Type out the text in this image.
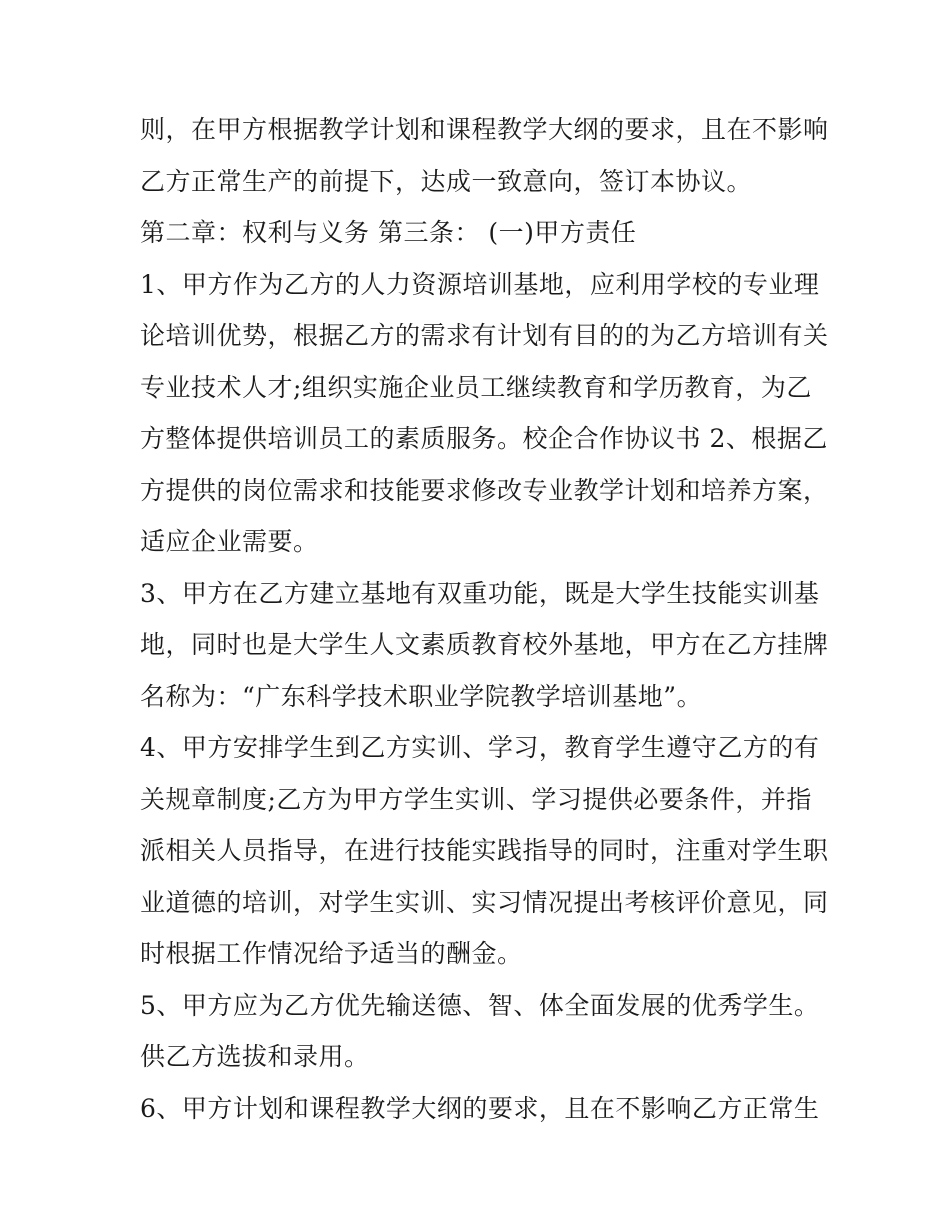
则，在甲方根据教学计划和课程教学大纲的要求，且在不影响
乙方正常生产的前提下，达成一致意向，签订本协议。
第二章：权利与义务 第三条： (一)甲方责任
1、甲方作为乙方的人力资源培训基地，应利用学校的专业理
论培训优势，根据乙方的需求有计划有目的的为乙方培训有关
专业技术人才;组织实施企业员工继续教育和学历教育，为乙
方整体提供培训员工的素质服务。校企合作协议书 2、根据乙
方提供的岗位需求和技能要求修改专业教学计划和培养方案，
适应企业需要。
3、甲方在乙方建立基地有双重功能，既是大学生技能实训基
地，同时也是大学生人文素质教育校外基地，甲方在乙方挂牌
名称为：“广东科学技术职业学院教学培训基地”。
4、甲方安排学生到乙方实训、学习，教育学生遵守乙方的有
关规章制度;乙方为甲方学生实训、学习提供必要条件，并指
派相关人员指导，在进行技能实践指导的同时，注重对学生职
业道德的培训，对学生实训、实习情况提出考核评价意见，同
时根据工作情况给予适当的酬金。
5、甲方应为乙方优先输送德、智、体全面发展的优秀学生。
供乙方选拔和录用。
6、甲方计划和课程教学大纲的要求，且在不影响乙方正常生
